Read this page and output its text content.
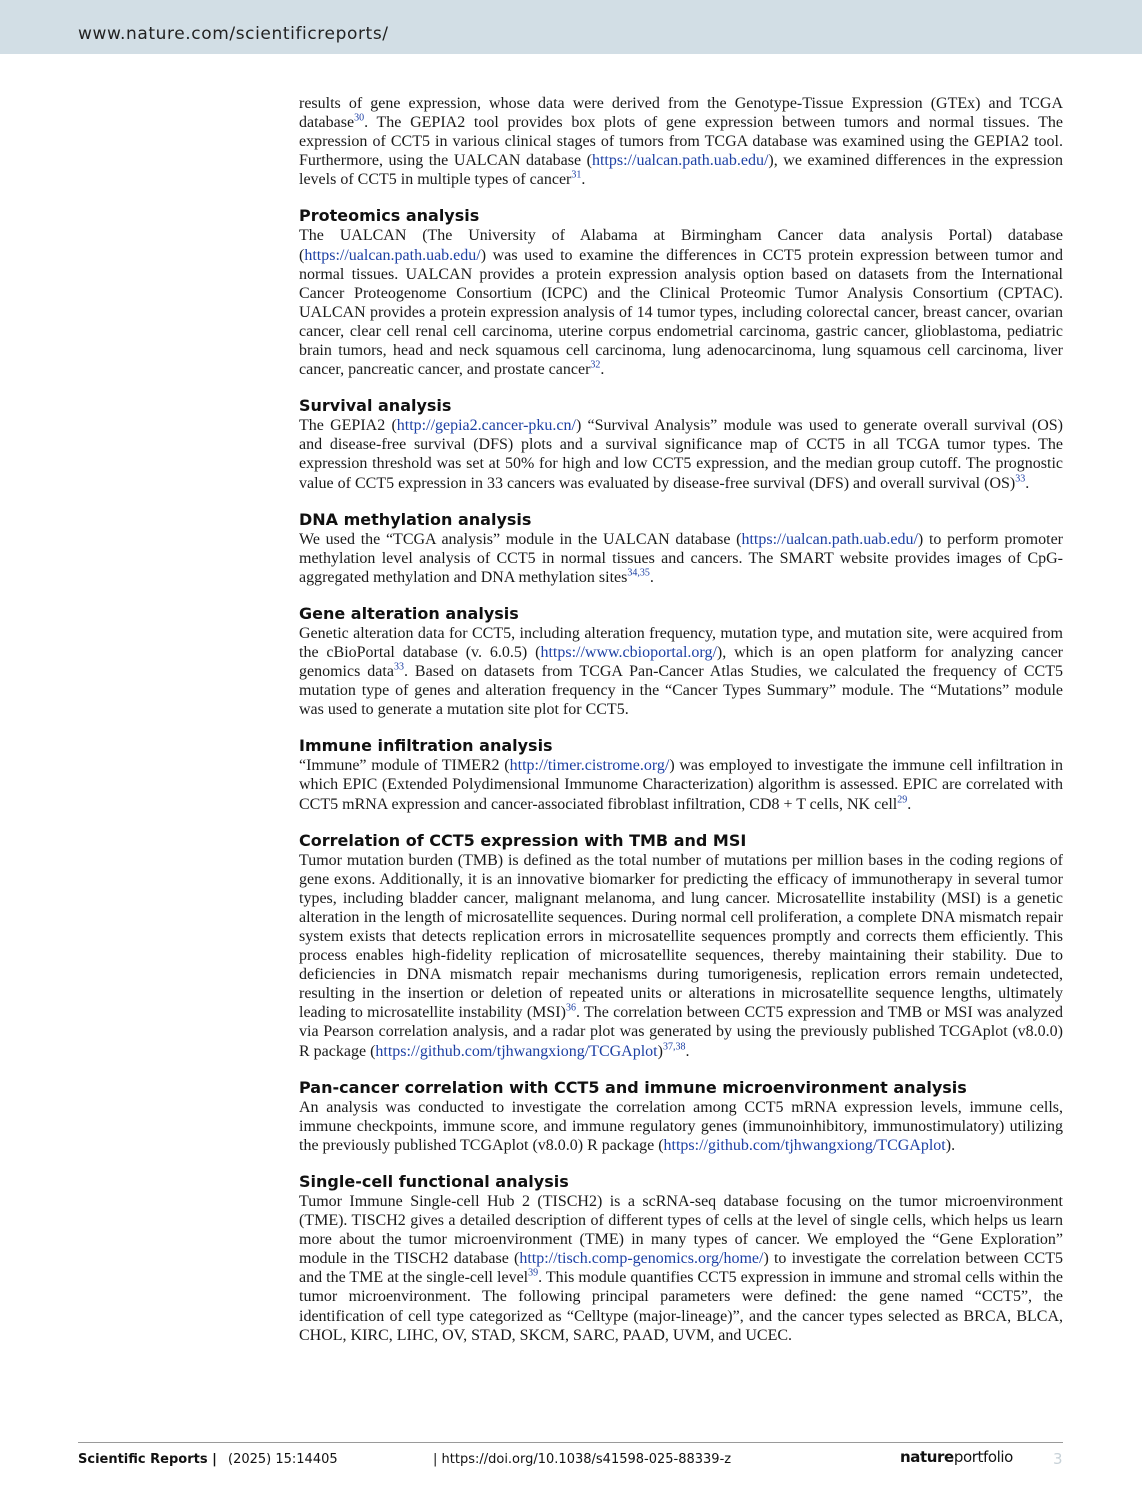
www.nature.com/scientificreports/

results of gene expression, whose data were derived from the Genotype-Tissue Expression (GTEx) and TCGA database$^{30}$. The GEPIA2 tool provides box plots of gene expression between tumors and normal tissues. The expression of CCT5 in various clinical stages of tumors from TCGA database was examined using the GEPIA2 tool. Furthermore, using the UALCAN database (https://ualcan.path.uab.edu/), we examined differences in the expression levels of CCT5 in multiple types of cancer$^{31}$.

Proteomics analysis

The UALCAN (The University of Alabama at Birmingham Cancer data analysis Portal) database (https://ualcan.path.uab.edu/) was used to examine the differences in CCT5 protein expression between tumor and normal tissues. UALCAN provides a protein expression analysis option based on datasets from the International Cancer Proteogenome Consortium (ICPC) and the Clinical Proteomic Tumor Analysis Consortium (CPTAC). UALCAN provides a protein expression analysis of 14 tumor types, including colorectal cancer, breast cancer, ovarian cancer, clear cell renal cell carcinoma, uterine corpus endometrial carcinoma, gastric cancer, glioblastoma, pediatric brain tumors, head and neck squamous cell carcinoma, lung adenocarcinoma, lung squamous cell carcinoma, liver cancer, pancreatic cancer, and prostate cancer$^{32}$.

Survival analysis

The GEPIA2 (http://gepia2.cancer-pku.cn/) “Survival Analysis” module was used to generate overall survival (OS) and disease-free survival (DFS) plots and a survival significance map of CCT5 in all TCGA tumor types. The expression threshold was set at 50% for high and low CCT5 expression, and the median group cutoff. The prognostic value of CCT5 expression in 33 cancers was evaluated by disease-free survival (DFS) and overall survival (OS)$^{33}$.

DNA methylation analysis

We used the “TCGA analysis” module in the UALCAN database (https://ualcan.path.uab.edu/) to perform promoter methylation level analysis of CCT5 in normal tissues and cancers. The SMART website provides images of CpG-aggregated methylation and DNA methylation sites$^{34,35}$.

Gene alteration analysis

Genetic alteration data for CCT5, including alteration frequency, mutation type, and mutation site, were acquired from the cBioPortal database (v. 6.0.5) (https://www.cbioportal.org/), which is an open platform for analyzing cancer genomics data$^{33}$. Based on datasets from TCGA Pan-Cancer Atlas Studies, we calculated the frequency of CCT5 mutation type of genes and alteration frequency in the “Cancer Types Summary” module. The “Mutations” module was used to generate a mutation site plot for CCT5.

Immune infiltration analysis

“Immune” module of TIMER2 (http://timer.cistrome.org/) was employed to investigate the immune cell infiltration in which EPIC (Extended Polydimensional Immunome Characterization) algorithm is assessed. EPIC are correlated with CCT5 mRNA expression and cancer-associated fibroblast infiltration, CD8 + T cells, NK cell$^{29}$.

Correlation of CCT5 expression with TMB and MSI

Tumor mutation burden (TMB) is defined as the total number of mutations per million bases in the coding regions of gene exons. Additionally, it is an innovative biomarker for predicting the efficacy of immunotherapy in several tumor types, including bladder cancer, malignant melanoma, and lung cancer. Microsatellite instability (MSI) is a genetic alteration in the length of microsatellite sequences. During normal cell proliferation, a complete DNA mismatch repair system exists that detects replication errors in microsatellite sequences promptly and corrects them efficiently. This process enables high-fidelity replication of microsatellite sequences, thereby maintaining their stability. Due to deficiencies in DNA mismatch repair mechanisms during tumorigenesis, replication errors remain undetected, resulting in the insertion or deletion of repeated units or alterations in microsatellite sequence lengths, ultimately leading to microsatellite instability (MSI)$^{36}$. The correlation between CCT5 expression and TMB or MSI was analyzed via Pearson correlation analysis, and a radar plot was generated by using the previously published TCGAplot (v8.0.0) R package (https://github.com/tjhwangxiong/TCGAplot)$^{37,38}$.

Pan-cancer correlation with CCT5 and immune microenvironment analysis

An analysis was conducted to investigate the correlation among CCT5 mRNA expression levels, immune cells, immune checkpoints, immune score, and immune regulatory genes (immunoinhibitory, immunostimulatory) utilizing the previously published TCGAplot (v8.0.0) R package (https://github.com/tjhwangxiong/TCGAplot).

Single-cell functional analysis

Tumor Immune Single-cell Hub 2 (TISCH2) is a scRNA-seq database focusing on the tumor microenvironment (TME). TISCH2 gives a detailed description of different types of cells at the level of single cells, which helps us learn more about the tumor microenvironment (TME) in many types of cancer. We employed the “Gene Exploration” module in the TISCH2 database (http://tisch.comp-genomics.org/home/) to investigate the correlation between CCT5 and the TME at the single-cell level$^{39}$. This module quantifies CCT5 expression in immune and stromal cells within the tumor microenvironment. The following principal parameters were defined: the gene named “CCT5”, the identification of cell type categorized as “Celltype (major-lineage)”, and the cancer types selected as BRCA, BLCA, CHOL, KIRC, LIHC, OV, STAD, SKCM, SARC, PAAD, UVM, and UCEC.

Scientific Reports | (2025) 15:14405	| https://doi.org/10.1038/s41598-025-88339-z	natureportfolio	3
